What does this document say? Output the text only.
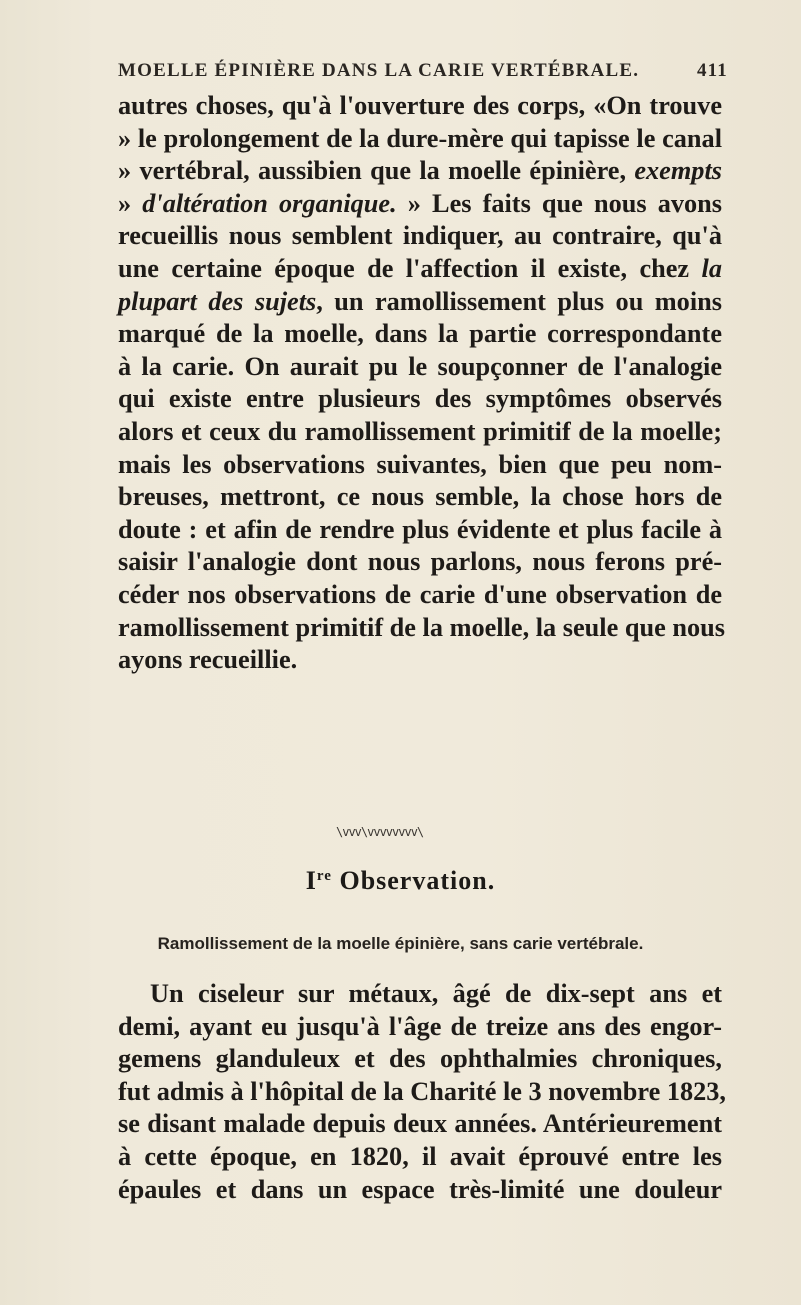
MOELLE ÉPINIÈRE DANS LA CARIE VERTÉBRALE.	411
autres choses, qu'à l'ouverture des corps, «On trouve
» le prolongement de la dure-mère qui tapisse le canal
» vertébral, aussibien que la moelle épinière, exempts
» d'altération organique. » Les faits que nous avons
recueillis nous semblent indiquer, au contraire, qu'à
une certaine époque de l'affection il existe, chez la
plupart des sujets, un ramollissement plus ou moins
marqué de la moelle, dans la partie correspondante
à la carie. On aurait pu le soupçonner de l'analogie
qui existe entre plusieurs des symptômes observés
alors et ceux du ramollissement primitif de la moelle;
mais les observations suivantes, bien que peu nom-
breuses, mettront, ce nous semble, la chose hors de
doute : et afin de rendre plus évidente et plus facile à
saisir l'analogie dont nous parlons, nous ferons pré-
céder nos observations de carie d'une observation de
ramollissement primitif de la moelle, la seule que nous
ayons recueillie.
\vvv\vvvvvvvv\
Ire Observation.
Ramollissement de la moelle épinière, sans carie vertébrale.
Un ciseleur sur métaux, âgé de dix-sept ans et
demi, ayant eu jusqu'à l'âge de treize ans des engor-
gemens glanduleux et des ophthalmies chroniques,
fut admis à l'hôpital de la Charité le 3 novembre 1823,
se disant malade depuis deux années. Antérieurement
à cette époque, en 1820, il avait éprouvé entre les
épaules et dans un espace très-limité une douleur
